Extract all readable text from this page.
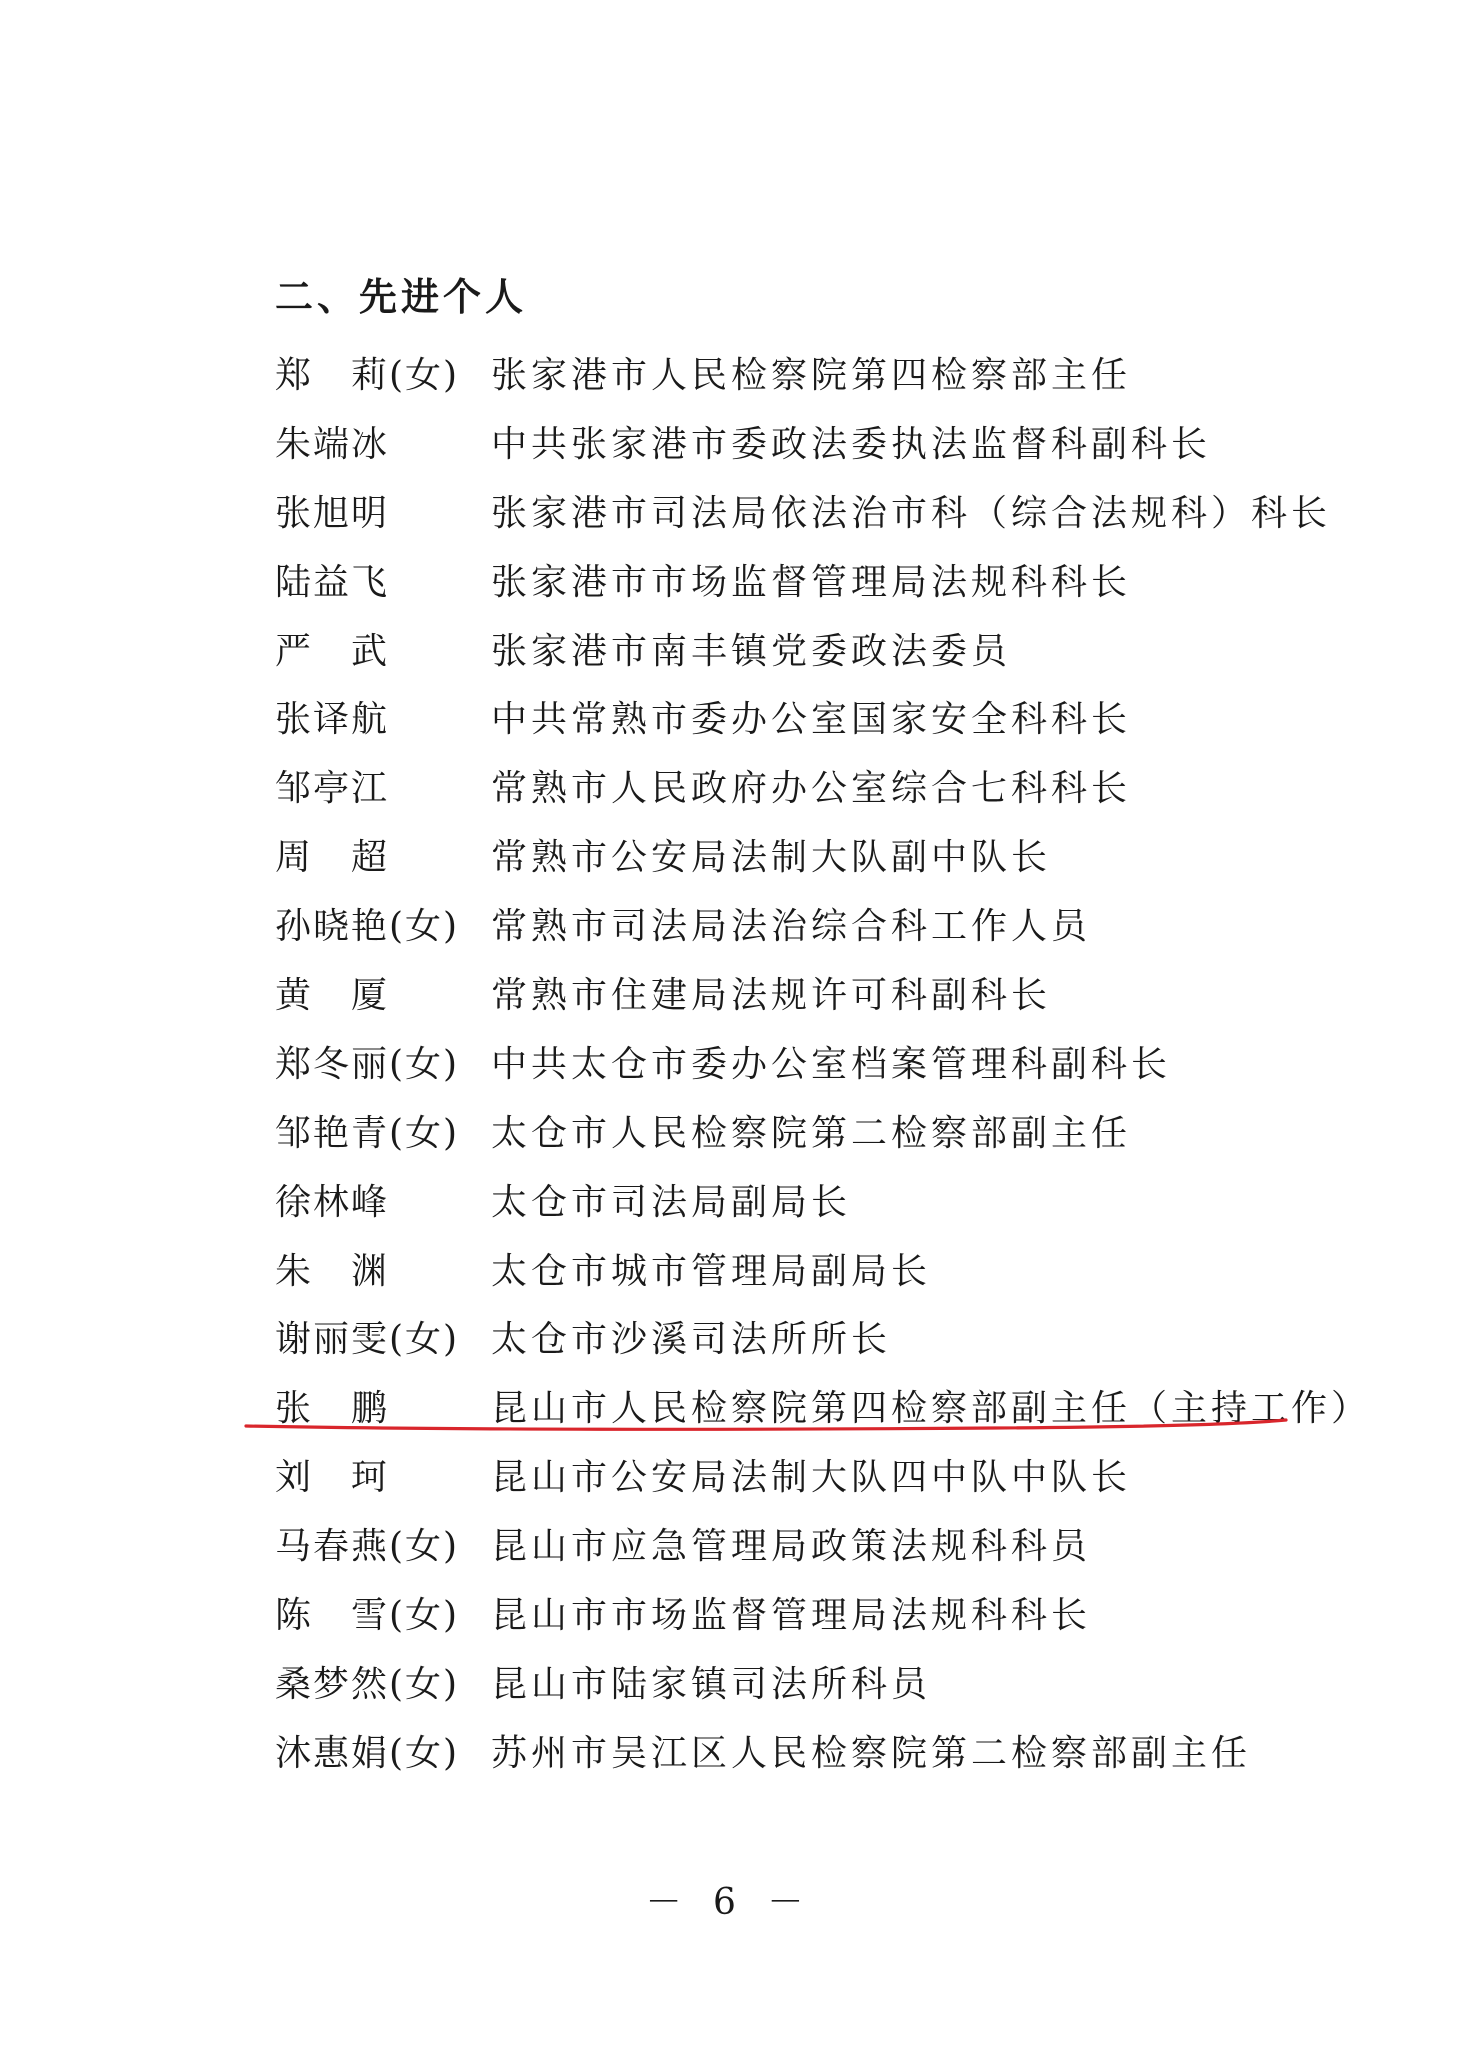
二、先进个人
郑　莉(女) 张家港市人民检察院第四检察部主任
朱端冰	中共张家港市委政法委执法监督科副科长
张旭明	张家港市司法局依法治市科（综合法规科）科长
陆益飞	张家港市市场监督管理局法规科科长
严　武	张家港市南丰镇党委政法委员
张译航	中共常熟市委办公室国家安全科科长
邹亭江	常熟市人民政府办公室综合七科科长
周　超	常熟市公安局法制大队副中队长
孙晓艳(女) 常熟市司法局法治综合科工作人员
黄　厦	常熟市住建局法规许可科副科长
郑冬丽(女) 中共太仓市委办公室档案管理科副科长
邹艳青(女) 太仓市人民检察院第二检察部副主任
徐林峰	太仓市司法局副局长
朱　渊	太仓市城市管理局副局长
谢丽雯(女) 太仓市沙溪司法所所长
张　鹏	昆山市人民检察院第四检察部副主任（主持工作）
刘　珂	昆山市公安局法制大队四中队中队长
马春燕(女) 昆山市应急管理局政策法规科科员
陈　雪(女) 昆山市市场监督管理局法规科科长
桑梦然(女) 昆山市陆家镇司法所科员
沐惠娟(女) 苏州市吴江区人民检察院第二检察部副主任
－ 6 －
